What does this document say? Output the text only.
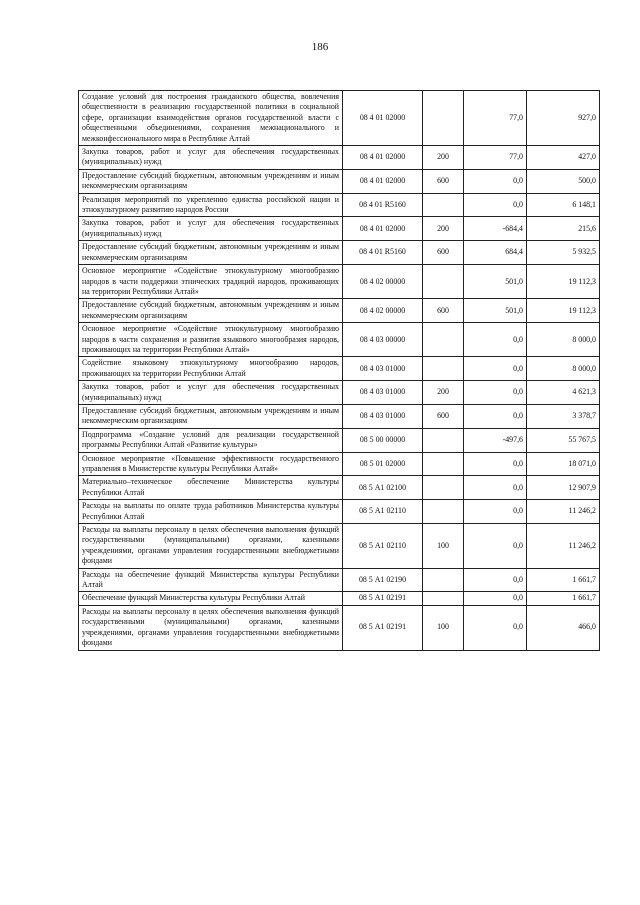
186
Создание условий для построения гражданского общества, вовлечения общественности в реализацию государственной политики в социальной сфере, организации взаимодействия органов государственной власти с общественными объединениями, сохранения межнационального и межконфессионального мира в Республике Алтай	08 4 01 02000		77,0	927,0
Закупка товаров, работ и услуг для обеспечения государственных (муниципальных) нужд	08 4 01 02000	200	77,0	427,0
Предоставление субсидий бюджетным, автономным учреждениям и иным некоммерческим организациям	08 4 01 02000	600	0,0	500,0
Реализация мероприятий по укреплению единства российской нации и этнокультурному развитию народов России	08 4 01 R5160		0,0	6 148,1
Закупка товаров, работ и услуг для обеспечения государственных (муниципальных) нужд	08 4 01 02000	200	-684,4	215,6
Предоставление субсидий бюджетным, автономным учреждениям и иным некоммерческим организациям	08 4 01 R5160	600	684,4	5 932,5
Основное мероприятие «Содействие этнокультурному многообразию народов в части поддержки этнических традиций народов, проживающих на территории Республики Алтай»	08 4 02 00000		501,0	19 112,3
Предоставление субсидий бюджетным, автономным учреждениям и иным некоммерческим организациям	08 4 02 00000	600	501,0	19 112,3
Основное мероприятие «Содействие этнокультурному многообразию народов в части сохранения и развития языкового многообразия народов, проживающих на территории Республики Алтай»	08 4 03 00000		0,0	8 000,0
Содействие языковому этнокультурному многообразию народов, проживающих на территории Республики Алтай	08 4 03 01000		0,0	8 000,0
Закупка товаров, работ и услуг для обеспечения государственных (муниципальных) нужд	08 4 03 01000	200	0,0	4 621,3
Предоставление субсидий бюджетным, автономным учреждениям и иным некоммерческим организациям	08 4 03 01000	600	0,0	3 378,7
Подпрограмма «Создание условий для реализации государственной программы Республики Алтай «Развитие культуры»	08 5 00 00000		-497,6	55 767,5
Основное мероприятие «Повышение эффективности государственного управления в Министерстве культуры Республики Алтай»	08 5 01 02000		0,0	18 071,0
Материально–техническое обеспечение Министерства культуры Республики Алтай	08 5 А1 02100		0,0	12 907,9
Расходы на выплаты по оплате труда работников Министерства культуры Республики Алтай	08 5 А1 02110		0,0	11 246,2
Расходы на выплаты персоналу в целях обеспечения выполнения функций государственными (муниципальными) органами, казенными учреждениями, органами управления государственными внебюджетными фондами	08 5 А1 02110	100	0,0	11 246,2
Расходы на обеспечение функций Министерства культуры Республики Алтай	08 5 А1 02190		0,0	1 661,7
Обеспечение функций Министерства культуры Республики Алтай	08 5 А1 02191		0,0	1 661,7
Расходы на выплаты персоналу в целях обеспечения выполнения функций государственными (муниципальными) органами, казенными учреждениями, органами управления государственными внебюджетными фондами	08 5 А1 02191	100	0,0	466,0
